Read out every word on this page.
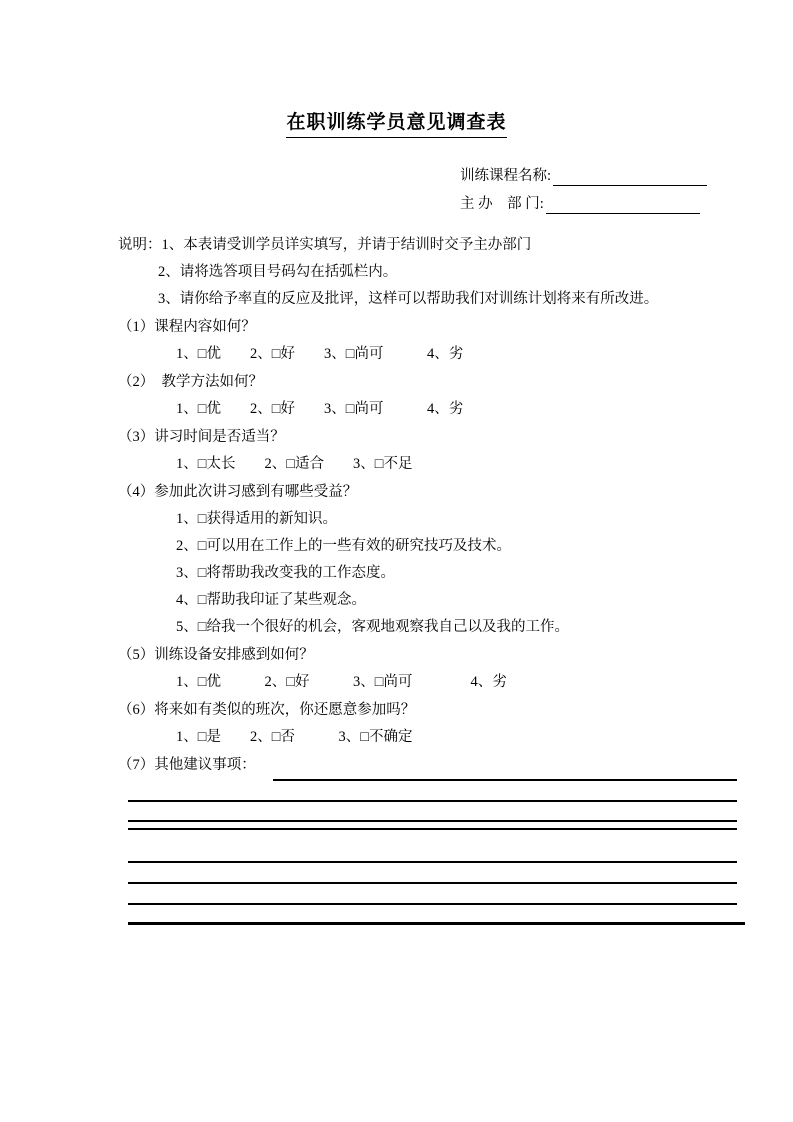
在职训练学员意见调查表
训练课程名称:
主 办　部 门:
说明：1、本表请受训学员详实填写，并请于结训时交予主办部门
2、请将选答项目号码勾在括弧栏内。
3、请你给予率直的反应及批评，这样可以帮助我们对训练计划将来有所改进。
（1）课程内容如何？
1、□优　　2、□好　　3、□尚可　　　4、劣
（2）　教学方法如何？
1、□优　　2、□好　　3、□尚可　　　4、劣
（3）讲习时间是否适当？
1、□太长　　2、□适合　　3、□不足
（4）参加此次讲习感到有哪些受益？
1、□获得适用的新知识。
2、□可以用在工作上的一些有效的研究技巧及技术。
3、□将帮助我改变我的工作态度。
4、□帮助我印证了某些观念。
5、□给我一个很好的机会，客观地观察我自己以及我的工作。
（5）训练设备安排感到如何？
1、□优　　　2、□好　　　3、□尚可　　　　4、劣
（6）将来如有类似的班次，你还愿意参加吗？
1、□是　　2、□否　　　3、□不确定
（7）其他建议事项：
